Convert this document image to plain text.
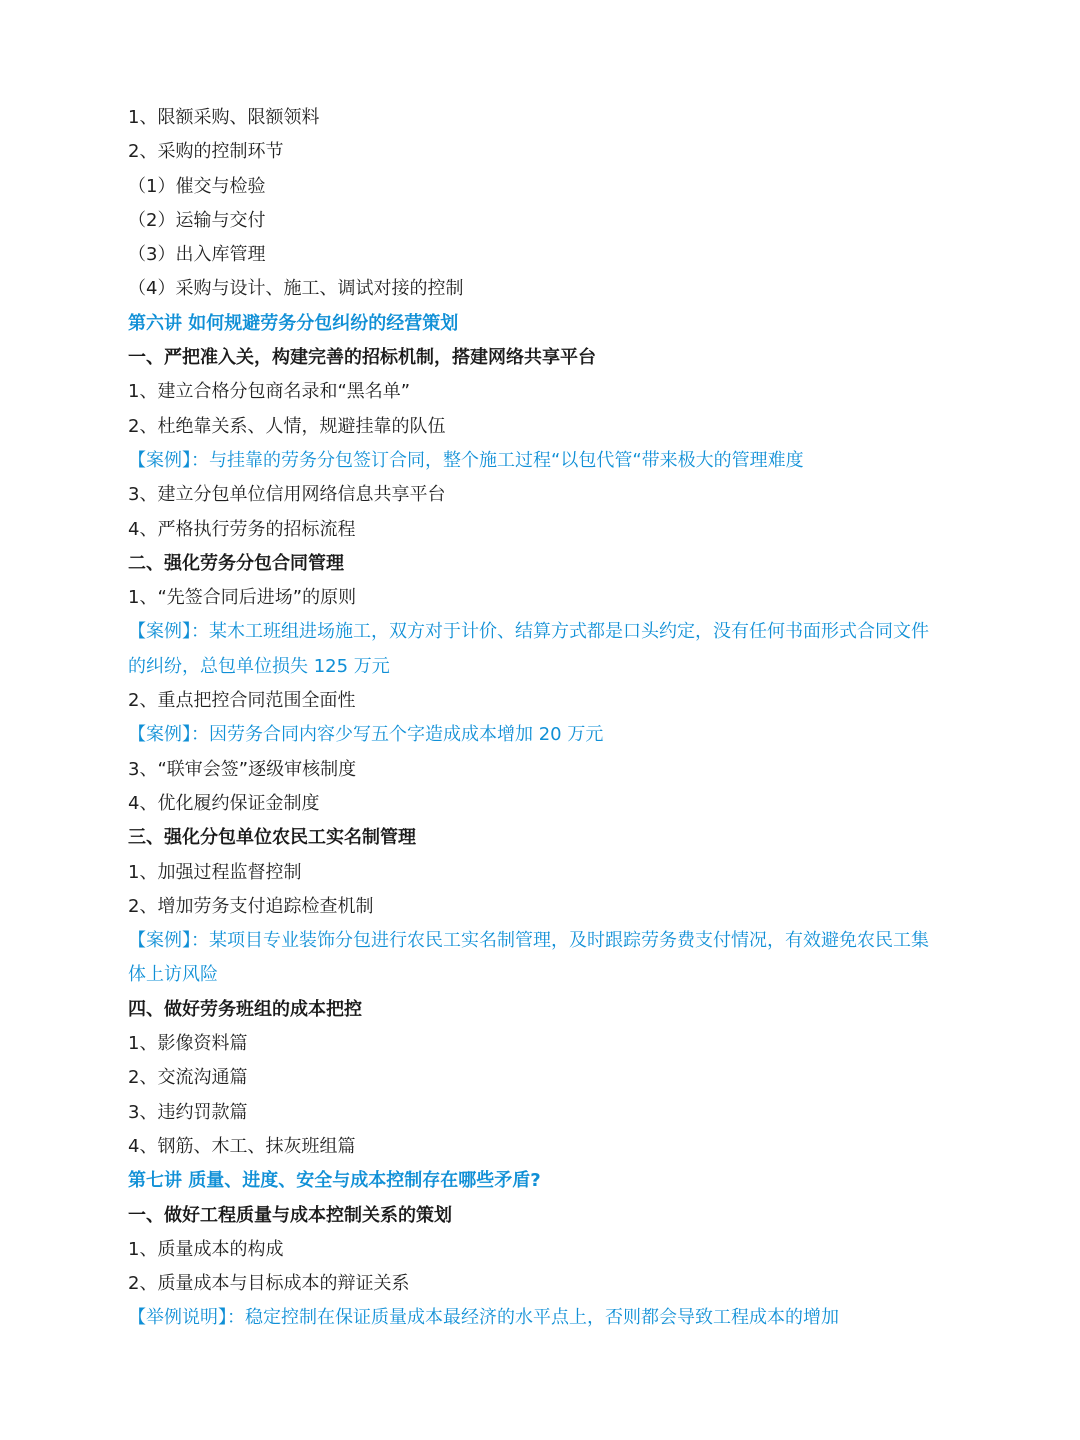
1、限额采购、限额领料
2、采购的控制环节
（1）催交与检验
（2）运输与交付
（3）出入库管理
（4）采购与设计、施工、调试对接的控制
第六讲 如何规避劳务分包纠纷的经营策划
一、严把准入关，构建完善的招标机制，搭建网络共享平台
1、建立合格分包商名录和“黑名单”
2、杜绝靠关系、人情，规避挂靠的队伍
【案例】：与挂靠的劳务分包签订合同，整个施工过程“以包代管“带来极大的管理难度
3、建立分包单位信用网络信息共享平台
4、严格执行劳务的招标流程
二、强化劳务分包合同管理
1、“先签合同后进场”的原则
【案例】：某木工班组进场施工，双方对于计价、结算方式都是口头约定，没有任何书面形式合同文件
的纠纷，总包单位损失 125 万元
2、重点把控合同范围全面性
【案例】：因劳务合同内容少写五个字造成成本增加 20 万元
3、“联审会签”逐级审核制度
4、优化履约保证金制度
三、强化分包单位农民工实名制管理
1、加强过程监督控制
2、增加劳务支付追踪检查机制
【案例】：某项目专业装饰分包进行农民工实名制管理，及时跟踪劳务费支付情况，有效避免农民工集
体上访风险
四、做好劳务班组的成本把控
1、影像资料篇
2、交流沟通篇
3、违约罚款篇
4、钢筋、木工、抹灰班组篇
第七讲 质量、进度、安全与成本控制存在哪些矛盾?
一、做好工程质量与成本控制关系的策划
1、质量成本的构成
2、质量成本与目标成本的辩证关系
【举例说明】：稳定控制在保证质量成本最经济的水平点上，否则都会导致工程成本的增加
